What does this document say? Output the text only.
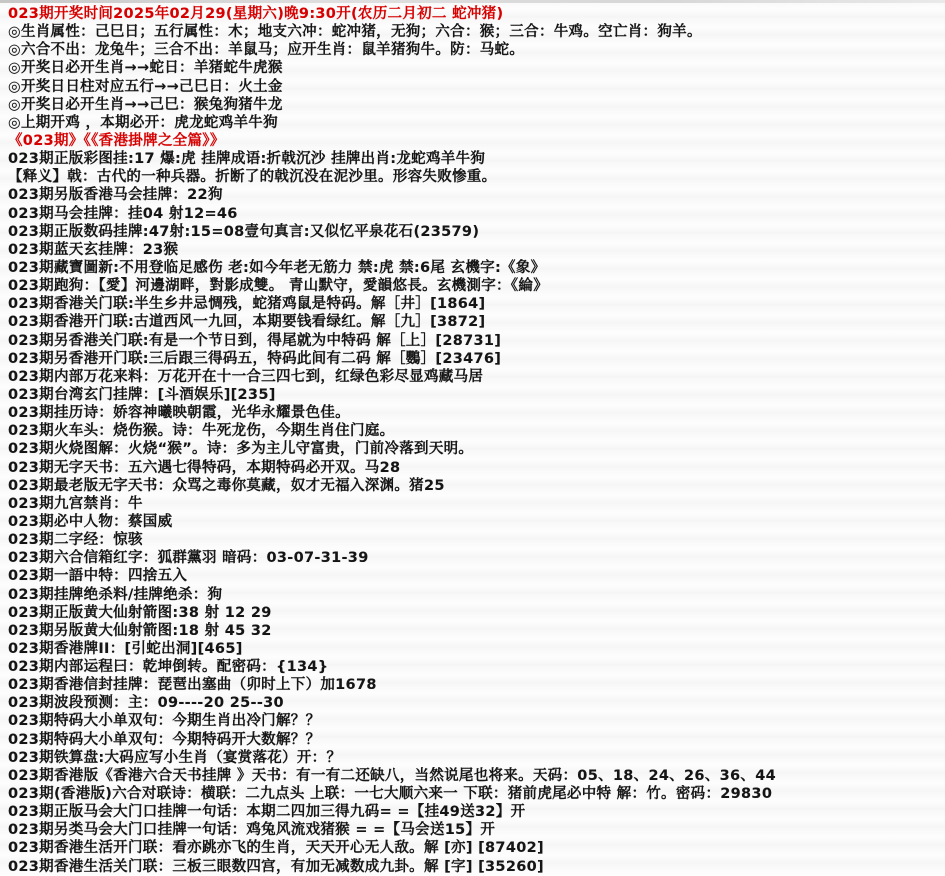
023期开奖时间2025年02月29(星期六)晚9:30开(农历二月初二 蛇冲猪)
◎生肖属性：己巳日；五行属性：木；地支六冲：蛇冲猪，无狗；六合：猴；三合：牛鸡。空亡肖：狗羊。
◎六合不出：龙兔牛；三合不出：羊鼠马；应开生肖：鼠羊猪狗牛。防：马蛇。
◎开奖日必开生肖→→蛇日：羊猪蛇牛虎猴
◎开奖日日柱对应五行→→己巳日：火土金
◎开奖日必开生肖→→己巳：猴兔狗猪牛龙
◎上期开鸡 ，本期必开：虎龙蛇鸡羊牛狗
《023期》《《香港掛牌之全篇》》
023期正版彩图挂:17 爆:虎 挂牌成语:折戟沉沙 挂牌出肖:龙蛇鸡羊牛狗
【释义】戟：古代的一种兵器。折断了的戟沉没在泥沙里。形容失败惨重。
023期另版香港马会挂牌：22狗
023期马会挂牌：挂04 射12=46
023期正版数码挂牌:47射:15=08壹句真言:又似忆平泉花石(23579)
023期蓝天玄挂牌：23猴
023期藏寶圖新:不用登临足感伤 老:如今年老无筋力 禁:虎 禁:6尾 玄機字:《象》
023期跑狗：【愛】河邊湖畔，對影成雙。 青山默守，愛韻悠長。玄機測字：《綸》
023期香港关门联:半生乡井忌惆残，蛇猪鸡鼠是特码。解［井］[1864]
023期香港开门联:古道西风一九回，本期要钱看绿红。解［九］[3872]
023期另香港关门联:有是一个节日到，得尾就为中特码 解［上］[28731]
023期另香港开门联:三后跟三得码五，特码此间有二码 解［鸚］[23476]
023期内部万花来料：万花开在十一合三四七到，红绿色彩尽显鸡藏马居
023期台湾玄门挂牌：[斗酒娱乐][235]
023期挂历诗：娇容神曦映朝霞，光华永耀景色佳。
023期火车头：烧伤猴。诗：牛死龙伤，今期生肖住门庭。
023期火烧图解：火烧“猴”。诗：多为主儿守富贵，门前冷落到天明。
023期无字天书：五六遇七得特码，本期特码必开双。马28
023期最老版无字天书：众骂之毒你莫藏，奴才无福入深渊。猪25
023期九宫禁肖：牛
023期必中人物：蔡国威
023期二字经：惊骇
023期六合信箱红字：狐群黨羽 暗码：03-07-31-39
023期一語中特：四捨五入
023期挂牌绝杀料/挂牌绝杀：狗
023期正版黄大仙射箭图:38 射 12 29
023期另版黄大仙射箭图:18 射 45 32
023期香港牌II：[引蛇出洞][465]
023期内部运程曰：乾坤倒转。配密码：{134}
023期香港信封挂牌：琵琶出塞曲（卯时上下）加1678
023期波段预测：主：09----20 25--30
023期特码大小单双句：今期生肖出冷门解？？
023期特码大小单双句：今期特码开大数解？？
023期铁算盘:大码应写小生肖（宴赏落花）开：？
023期香港版《香港六合天书挂牌 》天书：有一有二还缺八，当然说尾也将来。天码：05、18、24、26、36、44
023期(香港版)六合对联诗：横联：二九点头 上联：一七大顺六来一 下联：猪前虎尾必中特 解：竹。密码：29830
023期正版马会大门口挂牌一句话：本期二四加三得九码= =【挂49送32】开
023期另类马会大门口挂牌一句话：鸡兔风流戏猪猴 = =【马会送15】开
023期香港生活开门联：看亦跳亦飞的生肖，天天开心无人敌。解 [亦] [87402]
023期香港生活关门联：三板三眼数四宫，有加无减数成九卦。解 [字] [35260]
